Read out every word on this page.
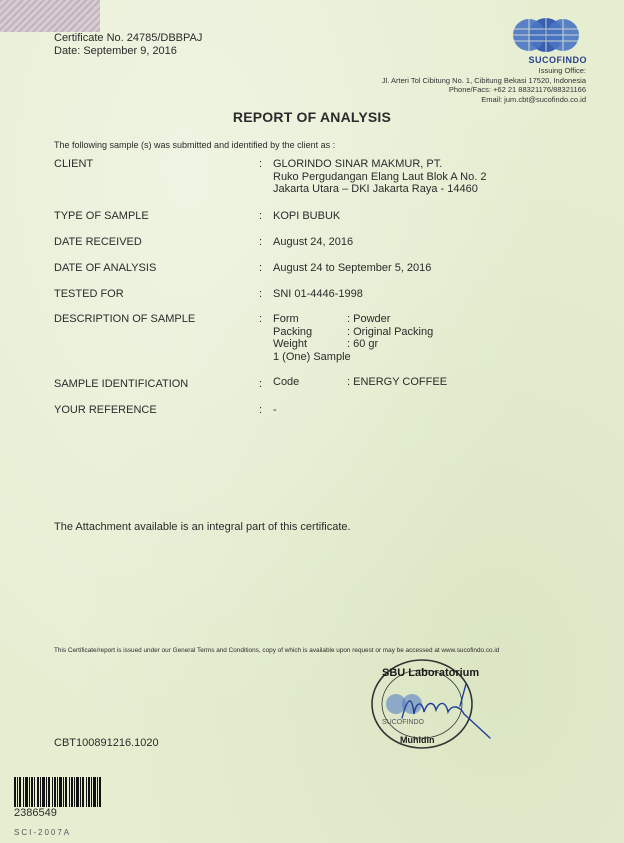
Certificate No. 24785/DBBPAJ
Date: September 9, 2016
SUCOFINDO
Issuing Office:
Jl. Arteri Tol Cibitung No. 1, Cibitung Bekasi 17520, Indonesia
Phone/Facs: +62 21 88321176/88321166
Email: jum.cbt@sucofindo.co.id
REPORT OF ANALYSIS
The following sample (s) was submitted and identified by the client as :
CLIENT	: GLORINDO SINAR MAKMUR, PT.
Ruko Pergudangan Elang Laut Blok A No. 2
Jakarta Utara – DKI Jakarta Raya - 14460
TYPE OF SAMPLE	: KOPI BUBUK
DATE RECEIVED	: August 24, 2016
DATE OF ANALYSIS	: August 24 to September 5, 2016
TESTED FOR	: SNI 01-4446-1998
DESCRIPTION OF SAMPLE	: Form	: Powder
Packing	: Original Packing
Weight	: 60 gr
1 (One) Sample
SAMPLE IDENTIFICATION	: Code	: ENERGY COFFEE
YOUR REFERENCE	: -
The Attachment available is an integral part of this certificate.
This Certificate/report is issued under our General Terms and Conditions, copy of which is available upon request or may be accessed at www.sucofindo.co.id
CBT100891216.1020
SUCOFINDO
SBU Laboratorium
Muhidin
2386549
SCI-2007A
